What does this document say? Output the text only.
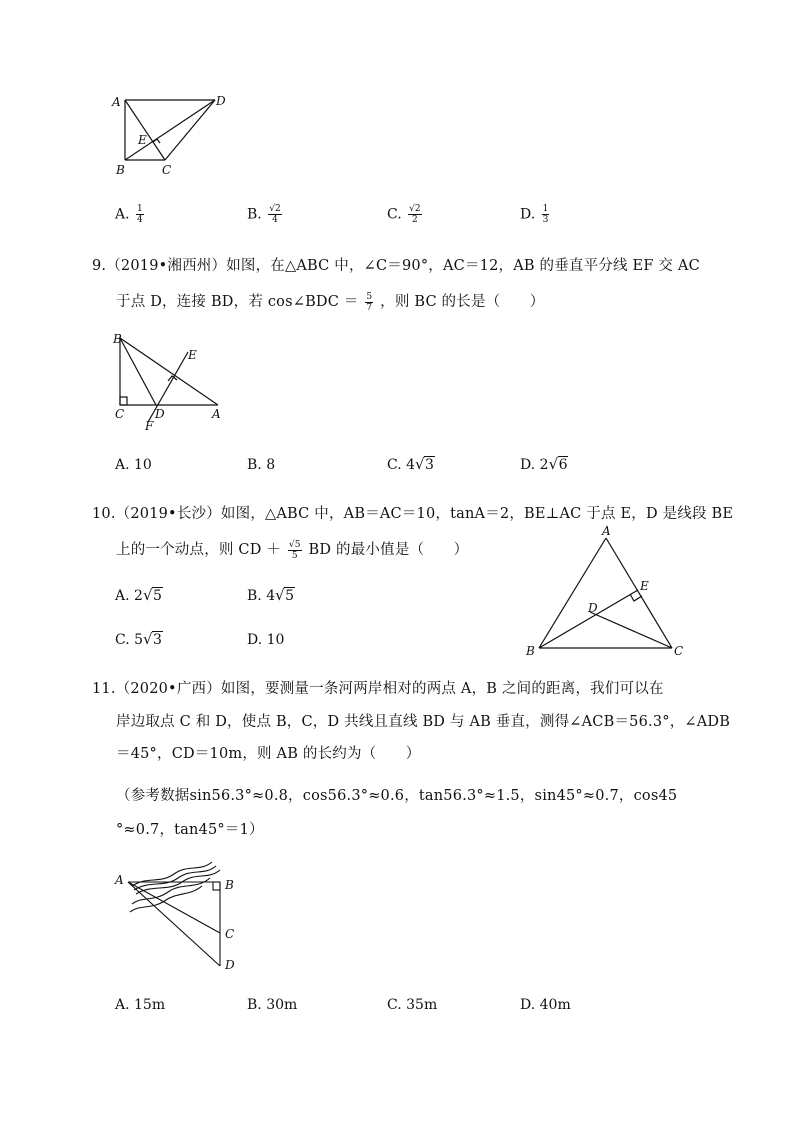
A	D
E
B	C
A. $\frac{1}{4}$	B. $\frac{√2}{4}$	C. $\frac{√2}{2}$	D. $\frac{1}{3}$
9.（2019•湘西州）如图，在△ABC 中，∠C＝90°，AC＝12，AB 的垂直平分线 EF 交 AC
于点 D，连接 BD，若 cos∠BDC ＝ $\frac{5}{7}$ ，则 BC 的长是（　　）
B
E
C	D	A
F
A. 10	B. 8	C. 4 √ 3	D. 2 √ 6
10.（2019•长沙）如图，△ABC 中，AB＝AC＝10，tanA＝2，BE⊥AC 于点 E，D 是线段 BE
上的一个动点，则 CD ＋ $\frac{√5}{5}$ BD 的最小值是（　　）
A. 2 √ 5	B. 4 √ 5
C. 5 √ 3	D. 10
A
E
D
B	C
11.（2020•广西）如图，要测量一条河两岸相对的两点 A，B 之间的距离，我们可以在
岸边取点 C 和 D，使点 B，C，D 共线且直线 BD 与 AB 垂直，测得∠ACB＝56.3°，∠ADB
＝45°，CD＝10m，则 AB 的长约为（　　）
（参考数据sin56.3°≈0.8，cos56.3°≈0.6，tan56.3°≈1.5，sin45°≈0.7，cos45
°≈0.7，tan45°＝1）
A	B
C
D
A. 15m	B. 30m	C. 35m	D. 40m
